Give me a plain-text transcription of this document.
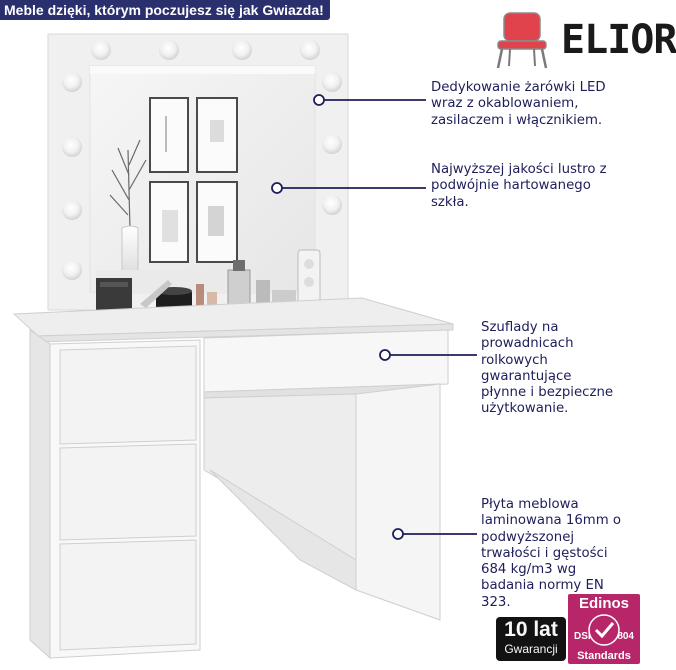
Meble dzięki, którym poczujesz się jak Gwiazda!
ELIOR
Dedykowanie żarówki LED
wraz z okablowaniem,
zasilaczem i włącznikiem.
Najwyższej jakości lustro z
podwójnie hartowanego
szkła.
Szuflady na
prowadnicach
rolkowych
gwarantujące
płynne i bezpieczne
użytkowanie.
Płyta meblowa
laminowana 16mm o
podwyższonej
trwałości i gęstości
684 kg/m3 wg
badania normy EN
323.
10 lat
Gwarancji
Edinos
DSI	804
Standards
